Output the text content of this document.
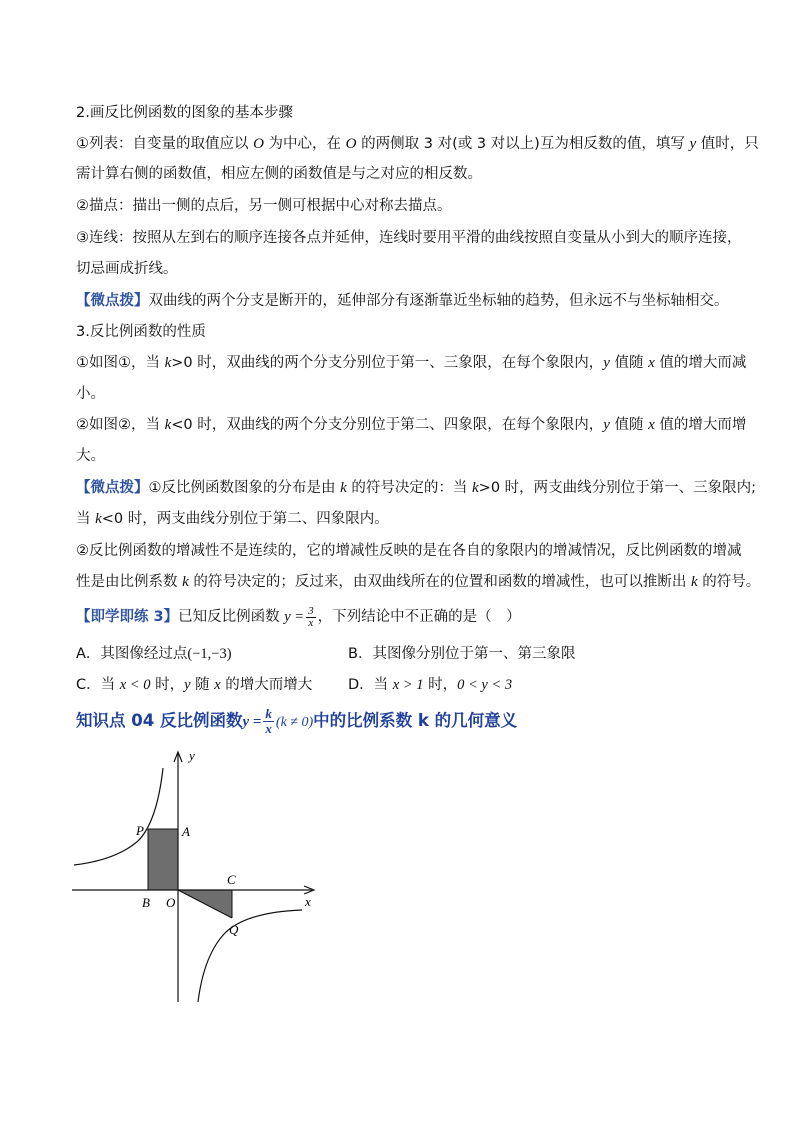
2.画反比例函数的图象的基本步骤
①列表：自变量的取值应以 O 为中心，在 O 的两侧取 3 对(或 3 对以上)互为相反数的值，填写 y 值时，只
需计算右侧的函数值，相应左侧的函数值是与之对应的相反数。
②描点：描出一侧的点后，另一侧可根据中心对称去描点。
③连线：按照从左到右的顺序连接各点并延伸，连线时要用平滑的曲线按照自变量从小到大的顺序连接，
切忌画成折线。
【微点拨】双曲线的两个分支是断开的，延伸部分有逐渐靠近坐标轴的趋势，但永远不与坐标轴相交。
3.反比例函数的性质
①如图①，当 k>0 时，双曲线的两个分支分别位于第一、三象限，在每个象限内，y 值随 x 值的增大而减
小。
②如图②，当 k<0 时，双曲线的两个分支分别位于第二、四象限，在每个象限内，y 值随 x 值的增大而增
大。
【微点拨】①反比例函数图象的分布是由 k 的符号决定的：当 k>0 时，两支曲线分别位于第一、三象限内;
当 k<0 时，两支曲线分别位于第二、四象限内。
②反比例函数的增减性不是连续的，它的增减性反映的是在各自的象限内的增减情况，反比例函数的增减
性是由比例系数 k 的符号决定的；反过来，由双曲线所在的位置和函数的增减性，也可以推断出 k 的符号。
【即学即练 3】已知反比例函数 $y = \frac{3}{x}$ ，下列结论中不正确的是（　）
A．其图像经过点(−1,−3)	B．其图像分别位于第一、第三象限
C．当 x < 0 时，y 随 x 的增大而增大 D．当 x > 1 时，0 < y < 3
知识点 04 反比例函数$y = \frac{k}{x} (k \ne 0)$中的比例系数 k 的几何意义
y
x
P	A
B O
C
Q
